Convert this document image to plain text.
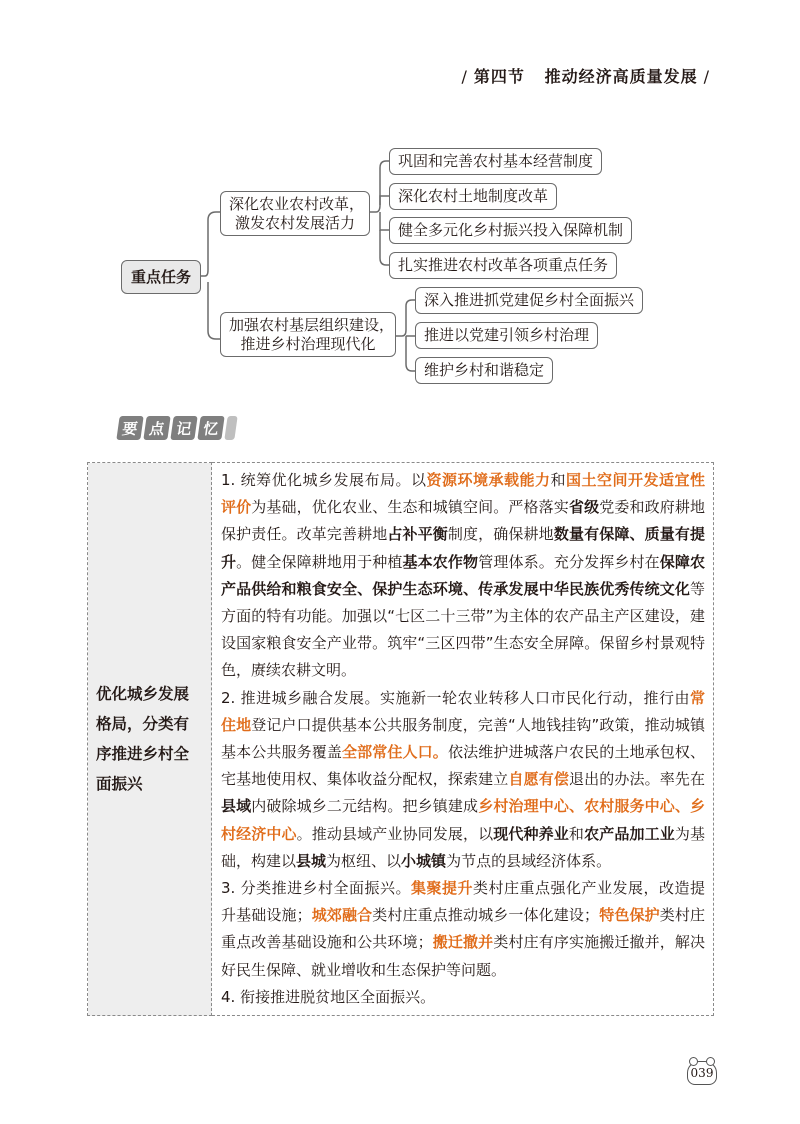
/ 第四节 推动经济高质量发展 /
重点任务
深化农业农村改革，
激发农村发展活力
加强农村基层组织建设，
推进乡村治理现代化
巩固和完善农村基本经营制度
深化农村土地制度改革
健全多元化乡村振兴投入保障机制
扎实推进农村改革各项重点任务
深入推进抓党建促乡村全面振兴
推进以党建引领乡村治理
维护乡村和谐稳定
要 点 记 忆
优化城乡发展格局，分类有序推进乡村全面振兴	

1. 统筹优化城乡发展布局。以资源环境承载能力和国土空间开发适宜性评价为基础，优化农业、生态和城镇空间。严格落实省级党委和政府耕地保护责任。改革完善耕地占补平衡制度，确保耕地数量有保障、质量有提升。健全保障耕地用于种植基本农作物管理体系。充分发挥乡村在保障农产品供给和粮食安全、保护生态环境、传承发展中华民族优秀传统文化等方面的特有功能。加强以“七区二十三带”为主体的农产品主产区建设，建设国家粮食安全产业带。筑牢“三区四带”生态安全屏障。保留乡村景观特色，赓续农耕文明。

2. 推进城乡融合发展。实施新一轮农业转移人口市民化行动，推行由常住地登记户口提供基本公共服务制度，完善“人地钱挂钩”政策，推动城镇基本公共服务覆盖全部常住人口。依法维护进城落户农民的土地承包权、宅基地使用权、集体收益分配权，探索建立自愿有偿退出的办法。率先在县域内破除城乡二元结构。把乡镇建成乡村治理中心、农村服务中心、乡村经济中心。推动县域产业协同发展，以现代种养业和农产品加工业为基础，构建以县城为枢纽、以小城镇为节点的县域经济体系。

3. 分类推进乡村全面振兴。集聚提升类村庄重点强化产业发展，改造提升基础设施；城郊融合类村庄重点推动城乡一体化建设；特色保护类村庄重点改善基础设施和公共环境；搬迁撤并类村庄有序实施搬迁撤并，解决好民生保障、就业增收和生态保护等问题。

4. 衔接推进脱贫地区全面振兴。

039
